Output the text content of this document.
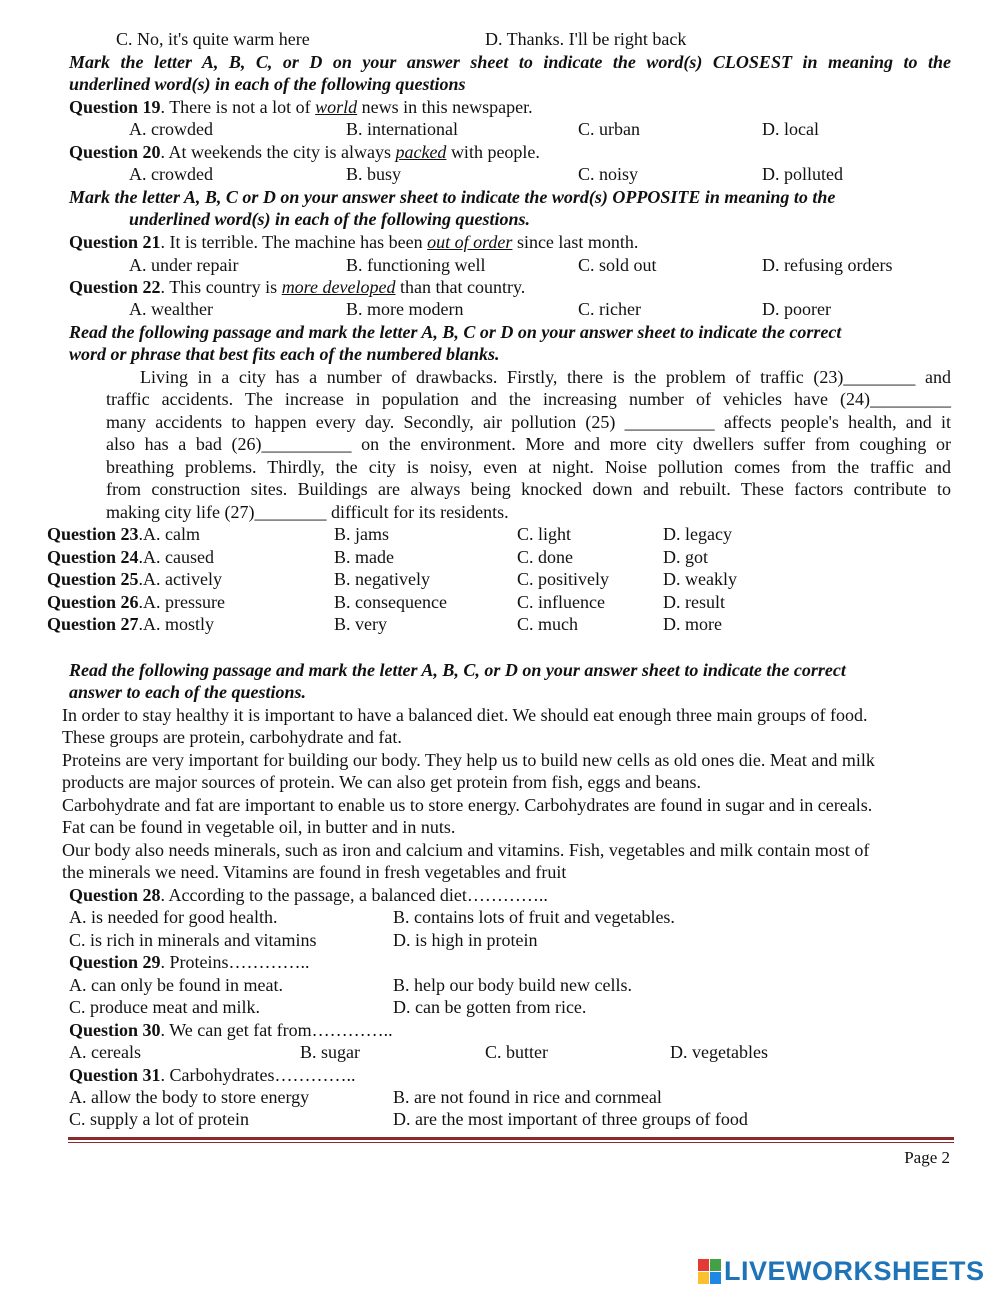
C. No, it's quite warm here	D. Thanks. I'll be right back
Mark the letter A, B, C, or D on your answer sheet to indicate the word(s) CLOSEST in meaning to the
underlined word(s) in each of the following questions
Question 19. There is not a lot of world news in this newspaper.
A. crowded	B. international	C. urban	D. local
Question 20. At weekends the city is always packed with people.
A. crowded	B. busy	C. noisy	D. polluted
Mark the letter A, B, C or D on your answer sheet to indicate the word(s) OPPOSITE in meaning to the
underlined word(s) in each of the following questions.
Question 21. It is terrible. The machine has been out of order since last month.
A. under repair	B. functioning well	C. sold out	D. refusing orders
Question 22. This country is more developed than that country.
A. wealther	B. more modern	C. richer	D. poorer
Read the following passage and mark the letter A, B, C or D on your answer sheet to indicate the correct
word or phrase that best fits each of the numbered blanks.
Living in a city has a number of drawbacks. Firstly, there is the problem of traffic (23)________ and
traffic accidents. The increase in population and the increasing number of vehicles have (24)_________
many accidents to happen every day. Secondly, air pollution (25) __________ affects people's health, and it
also has a bad (26)__________ on the environment. More and more city dwellers suffer from coughing or
breathing problems. Thirdly, the city is noisy, even at night. Noise pollution comes from the traffic and
from construction sites. Buildings are always being knocked down and rebuilt. These factors contribute to
making city life (27)________ difficult for its residents.
Question 23.A. calm	B. jams	C. light	D. legacy
Question 24.A. caused	B. made	C. done	D. got
Question 25.A. actively	B. negatively	C. positively	D. weakly
Question 26.A. pressure	B. consequence	C. influence	D. result
Question 27.A. mostly	B. very	C. much	D. more
Read the following passage and mark the letter A, B, C, or D on your answer sheet to indicate the correct
answer to each of the questions.
In order to stay healthy it is important to have a balanced diet. We should eat enough three main groups of food.
These groups are protein, carbohydrate and fat.
Proteins are very important for building our body. They help us to build new cells as old ones die. Meat and milk
products are major sources of protein. We can also get protein from fish, eggs and beans.
Carbohydrate and fat are important to enable us to store energy. Carbohydrates are found in sugar and in cereals.
Fat can be found in vegetable oil, in butter and in nuts.
Our body also needs minerals, such as iron and calcium and vitamins. Fish, vegetables and milk contain most of
the minerals we need. Vitamins are found in fresh vegetables and fruit
Question 28. According to the passage, a balanced diet…………..
A. is needed for good health.	B. contains lots of fruit and vegetables.
C. is rich in minerals and vitamins	D. is high in protein
Question 29. Proteins…………..
A. can only be found in meat.	B. help our body build new cells.
C. produce meat and milk.	D. can be gotten from rice.
Question 30. We can get fat from…………..
A. cereals	B. sugar	C. butter	D. vegetables
Question 31. Carbohydrates…………..
A. allow the body to store energy	B. are not found in rice and cornmeal
C. supply a lot of protein	D. are the most important of three groups of food
Page 2
LIVEWORKSHEETS
